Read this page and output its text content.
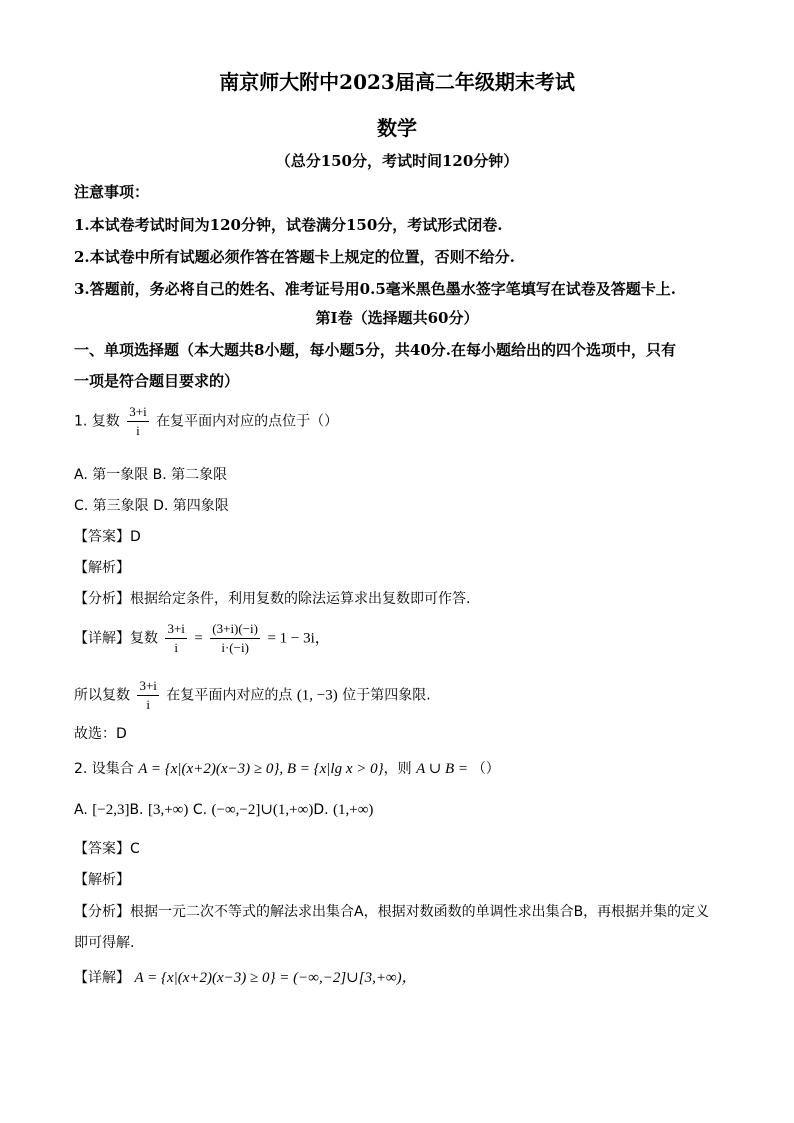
南京师大附中2023届高二年级期末考试
数学
（总分150分，考试时间120分钟）
注意事项：
1.本试卷考试时间为120分钟，试卷满分150分，考试形式闭卷.
2.本试卷中所有试题必须作答在答题卡上规定的位置，否则不给分.
3.答题前，务必将自己的姓名、准考证号用0.5毫米黑色墨水签字笔填写在试卷及答题卡上.
第Ⅰ卷（选择题共60分）
一、单项选择题（本大题共8小题，每小题5分，共40分.在每小题给出的四个选项中，只有
一项是符合题目要求的）
1. 复数 $\frac{3+i}{i}$ 在复平面内对应的点位于（）
A. 第一象限 B. 第二象限
C. 第三象限 D. 第四象限
【答案】D
【解析】
【分析】根据给定条件，利用复数的除法运算求出复数即可作答.
【详解】复数 $\frac{3+i}{i} = \frac{(3+i)(-i)}{i\cdot(-i)} = 1 - 3i$，
所以复数 $\frac{3+i}{i}$ 在复平面内对应的点 (1, −3) 位于第四象限.
故选：D
2. 设集合 A = {x|(x+2)(x−3) ≥ 0}, B = {x|lg x > 0}，则 A ∪ B = （）
A. [−2,3]B. [3,+∞) C. (−∞,−2]∪(1,+∞)D. (1,+∞)
【答案】C
【解析】
【分析】根据一元二次不等式的解法求出集合A，根据对数函数的单调性求出集合B，再根据并集的定义
即可得解.
【详解】 A = {x|(x+2)(x−3) ≥ 0} = (−∞,−2]∪[3,+∞)，
